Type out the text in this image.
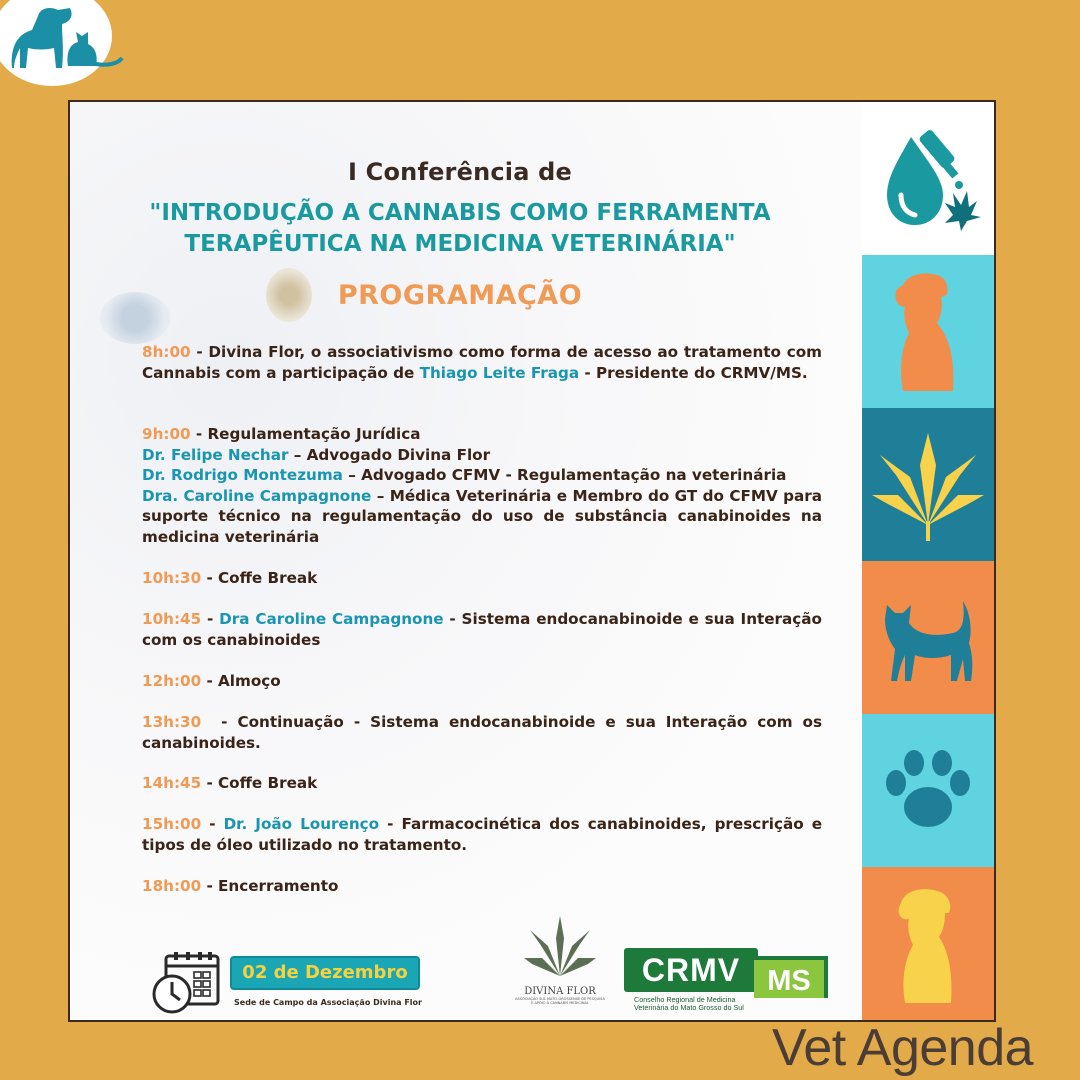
I Conferência de
"INTRODUÇÃO A CANNABIS COMO FERRAMENTA
TERAPÊUTICA NA MEDICINA VETERINÁRIA"
PROGRAMAÇÃO
8h:00 - Divina Flor, o associativismo como forma de acesso ao tratamento com Cannabis com a participação de Thiago Leite Fraga - Presidente do CRMV/MS.
9h:00 - Regulamentação Jurídica
Dr. Felipe Nechar – Advogado Divina Flor
Dr. Rodrigo Montezuma – Advogado CFMV - Regulamentação na veterinária
Dra. Caroline Campagnone – Médica Veterinária e Membro do GT do CFMV para suporte técnico na regulamentação do uso de substância canabinoides na medicina veterinária
10h:30 - Coffe Break
10h:45 - Dra Caroline Campagnone - Sistema endocanabinoide e sua Interação com os canabinoides
12h:00 - Almoço
13h:30  - Continuação - Sistema endocanabinoide e sua Interação com os canabinoides.
14h:45 - Coffe Break
15h:00 - Dr. João Lourenço - Farmacocinética dos canabinoides, prescrição e tipos de óleo utilizado no tratamento.
18h:00 - Encerramento
02 de Dezembro
Sede de Campo da Associação Divina Flor
DIVINA FLOR
ASSOCIAÇÃO SUL MATO-GROSSENSE DE PESQUISA E APOIO À CANNABIS MEDICINAL
CRMV MS
Conselho Regional de Medicina
Veterinária do Mato Grosso do Sul
Vet Agenda
